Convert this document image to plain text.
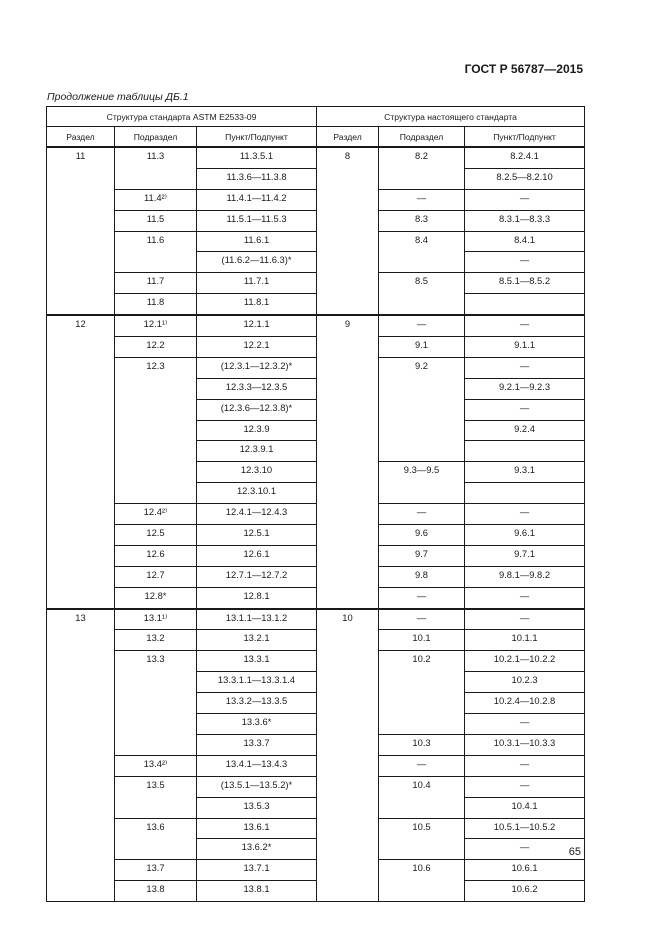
ГОСТ Р 56787—2015
Продолжение таблицы ДБ.1
Структура стандарта ASTM E2533-09			Структура настоящего стандарта		
Раздел	Подраздел	Пункт/Подпункт	Раздел	Подраздел	Пункт/Подпункт
11	11.3	11.3.5.1	8	8.2	8.2.4.1
		11.3.6—11.3.8			8.2.5—8.2.10
	11.4²⁾	11.4.1—11.4.2		—	—
	11.5	11.5.1—11.5.3		8.3	8.3.1—8.3.3
	11.6	11.6.1		8.4	8.4.1
		(11.6.2—11.6.3)*			—
	11.7	11.7.1		8.5	8.5.1—8.5.2
	11.8	11.8.1			
12	12.1¹⁾	12.1.1	9	—	—
	12.2	12.2.1		9.1	9.1.1
	12.3	(12.3.1—12.3.2)*		9.2	—
		12.3.3—12.3.5			9.2.1—9.2.3
		(12.3.6—12.3.8)*			—
		12.3.9			9.2.4
		12.3.9.1			
		12.3.10		9.3—9.5	9.3.1
		12.3.10.1			
	12.4²⁾	12.4.1—12.4.3		—	—
	12.5	12.5.1		9.6	9.6.1
	12.6	12.6.1		9.7	9.7.1
	12.7	12.7.1—12.7.2		9.8	9.8.1—9.8.2
	12.8*	12.8.1		—	—
13	13.1¹⁾	13.1.1—13.1.2	10	—	—
	13.2	13.2.1		10.1	10.1.1
	13.3	13.3.1		10.2	10.2.1—10.2.2
		13.3.1.1—13.3.1.4			10.2.3
		13.3.2—13.3.5			10.2.4—10.2.8
		13.3.6*			—
		13.3.7		10.3	10.3.1—10.3.3
	13.4²⁾	13.4.1—13.4.3		—	—
	13.5	(13.5.1—13.5.2)*		10.4	—
		13.5.3			10.4.1
	13.6	13.6.1		10.5	10.5.1—10.5.2
		13.6.2*			—
	13.7	13.7.1		10.6	10.6.1
	13.8	13.8.1			10.6.2
65
